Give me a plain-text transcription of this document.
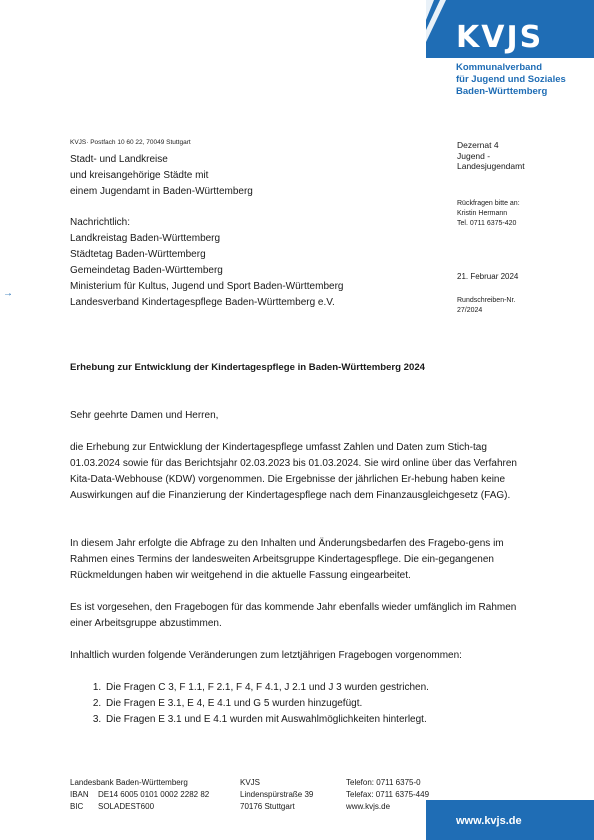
KVJS
Kommunalverband
für Jugend und Soziales
Baden-Württemberg
KVJS· Postfach 10 60 22, 70049 Stuttgart
Stadt- und Landkreise
und kreisangehörige Städte mit
einem Jugendamt in Baden-Württemberg
Nachrichtlich:
Landkreistag Baden-Württemberg
Städtetag Baden-Württemberg
Gemeindetag Baden-Württemberg
Ministerium für Kultus, Jugend und Sport Baden-Württemberg
Landesverband Kindertagespflege Baden-Württemberg e.V.
→
Dezernat 4
Jugend -
Landesjugendamt
Rückfragen bitte an:
Kristin Hermann
Tel. 0711 6375-420
21. Februar 2024
Rundschreiben-Nr.
27/2024
Erhebung zur Entwicklung der Kindertagespflege in Baden-Württemberg 2024

Sehr geehrte Damen und Herren,

die Erhebung zur Entwicklung der Kindertagespflege umfasst Zahlen und Daten zum Stich-tag 01.03.2024 sowie für das Berichtsjahr 02.03.2023 bis 01.03.2024. Sie wird online über das Verfahren Kita-Data-Webhouse (KDW) vorgenommen. Die Ergebnisse der jährlichen Er-hebung haben keine Auswirkungen auf die Finanzierung der Kindertagespflege nach dem Finanzausgleichgesetz (FAG).

In diesem Jahr erfolgte die Abfrage zu den Inhalten und Änderungsbedarfen des Fragebo-gens im Rahmen eines Termins der landesweiten Arbeitsgruppe Kindertagespflege. Die ein-gegangenen Rückmeldungen haben wir weitgehend in die aktuelle Fassung eingearbeitet.

Es ist vorgesehen, den Fragebogen für das kommende Jahr ebenfalls wieder umfänglich im Rahmen einer Arbeitsgruppe abzustimmen.

Inhaltlich wurden folgende Veränderungen zum letztjährigen Fragebogen vorgenommen:

1. Die Fragen C 3, F 1.1, F 2.1, F 4, F 4.1, J 2.1 und J 3 wurden gestrichen.
2. Die Fragen E 3.1, E 4, E 4.1 und G 5 wurden hinzugefügt.
3. Die Fragen E 3.1 und E 4.1 wurden mit Auswahlmöglichkeiten hinterlegt.
Landesbank Baden-Württemberg
IBAN DE14 6005 0101 0002 2282 82
BIC SOLADEST600
KVJS
Lindenspürstraße 39
70176 Stuttgart
Telefon: 0711 6375-0
Telefax: 0711 6375-449
www.kvjs.de
www.kvjs.de
